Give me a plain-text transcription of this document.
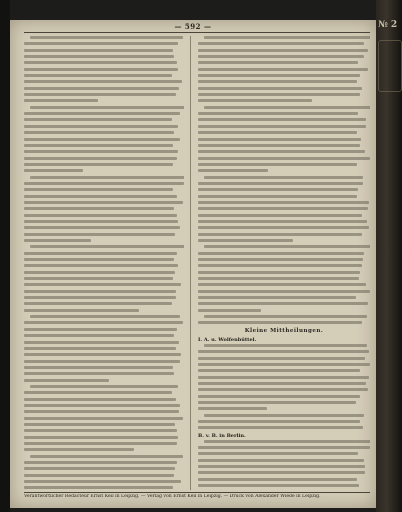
— 592 —
Kleine Mittheilungen.
I. A. u. Wolfenbüttel.
B. v. B. in Berlin.
Verantwortlicher Redacteur Ernst Keil in Leipzig. — Verlag von Ernst Keil in Leipzig. — Druck von Alexander Wiede in Leipzig.
№ 2
